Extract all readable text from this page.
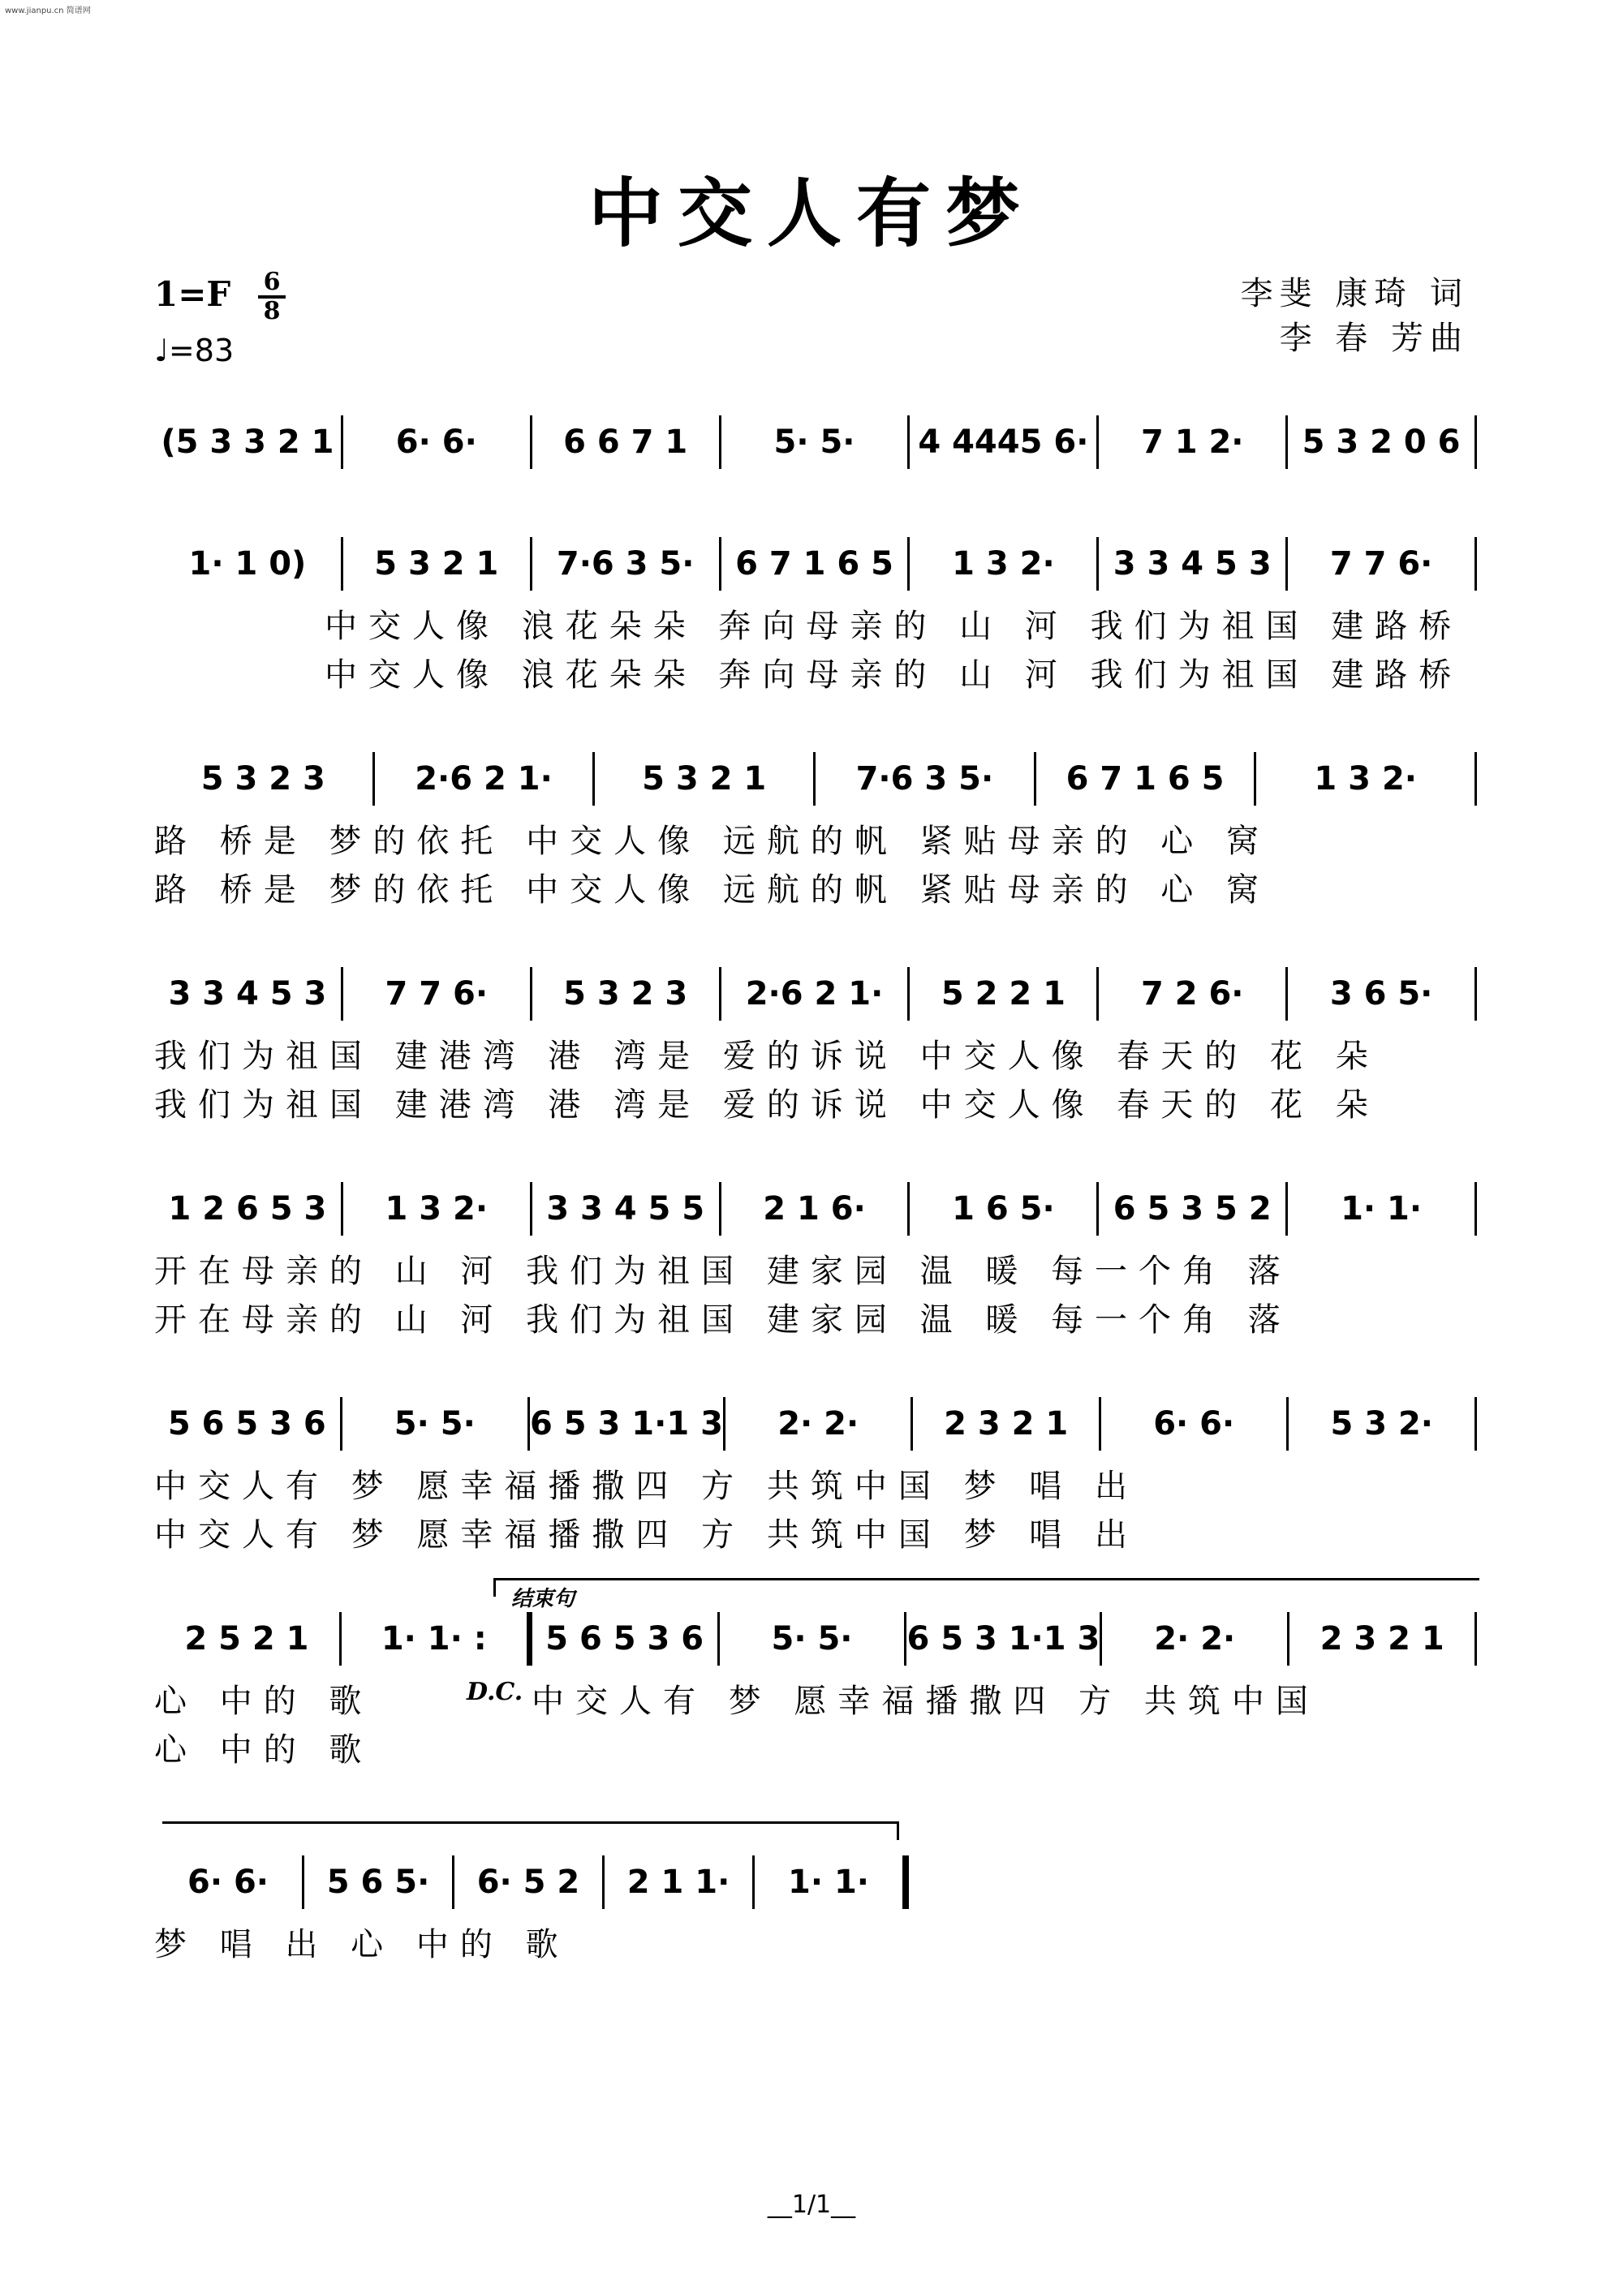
www.jianpu.cn 简谱网
中交人有梦
1=F 6
8
♩=83
李斐 康琦 词
李 春 芳曲
(5 3 3 2 1	6· 6·	6 6 7 1	5· 5·	4 4445 6·	7 1 2·	5 3 2 0 6
1· 1 0)	5 3 2 1	7·6 3 5·	6 7 1 6 5	1 3 2·	3 3 4 5 3	7 7 6·
中交人像 浪花朵朵 奔向母亲的 山 河 我们为祖国 建路桥
中交人像 浪花朵朵 奔向母亲的 山 河 我们为祖国 建路桥
5 3 2 3	2·6 2 1·	5 3 2 1	7·6 3 5·	6 7 1 6 5	1 3 2·
路 桥是 梦的依托 中交人像 远航的帆 紧贴母亲的 心 窝
路 桥是 梦的依托 中交人像 远航的帆 紧贴母亲的 心 窝
3 3 4 5 3	7 7 6·	5 3 2 3	2·6 2 1·	5 2 2 1	7 2 6·	3 6 5·
我们为祖国 建港湾 港 湾是 爱的诉说 中交人像 春天的 花 朵
我们为祖国 建港湾 港 湾是 爱的诉说 中交人像 春天的 花 朵
1 2 6 5 3	1 3 2·	3 3 4 5 5	2 1 6·	1 6 5·	6 5 3 5 2	1· 1·
开在母亲的 山 河 我们为祖国 建家园 温 暖 每一个角 落
开在母亲的 山 河 我们为祖国 建家园 温 暖 每一个角 落
5 6 5 3 6	5· 5·	6 5 3 1·1 3	2· 2·	2 3 2 1	6· 6·	5 3 2·
中交人有 梦 愿幸福播撒四 方 共筑中国 梦 唱 出
中交人有 梦 愿幸福播撒四 方 共筑中国 梦 唱 出
结束句
2 5 2 1	1· 1· :	5 6 5 3 6	5· 5·	6 5 3 1·1 3	2· 2·	2 3 2 1
D.C.
心 中的 歌
心 中的 歌
中交人有 梦 愿幸福播撒四 方 共筑中国
6· 6·	5 6 5·	6· 5 2	2 1 1·	1· 1·
梦 唱 出 心 中的 歌
__1/1__
